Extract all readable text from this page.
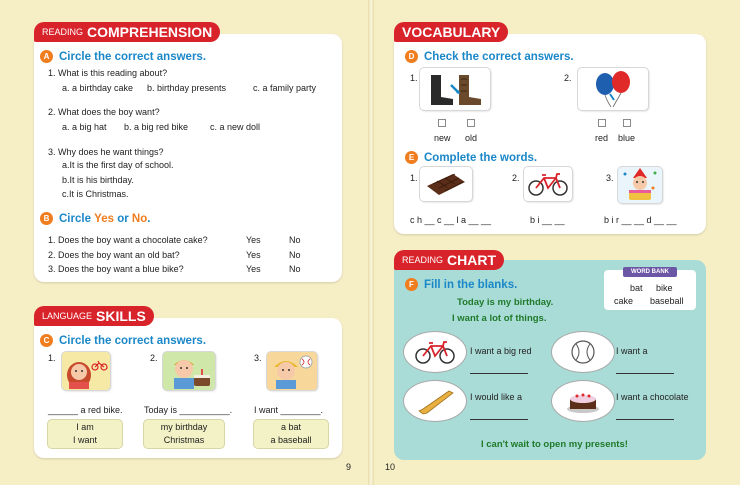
READING COMPREHENSION
A Circle the correct answers.
1. What is this reading about?
a. a birthday cake b. birthday presents	c. a family party
2. What does the boy want?
a. a big hat b. a big red bike c. a new doll
3. Why does he want things?
a.It is the first day of school.
b.It is his birthday.
c.It is Christmas.
B Circle Yes or No .
1. Does the boy want a chocolate cake?	Yes	No
2. Does the boy want an old bat?	Yes	No
3. Does the boy want a blue bike?	Yes	No
LANGUAGE SKILLS
C Circle the correct answers.
1.
______ a red bike.
I am
I want
2.
Today is __________.
my birthday
Christmas
3.
I want ________.
a bat
a baseball
VOCABULARY
D Check the correct answers.
1.
new old
2.
red blue
E Complete the words.
1.
c h __ c __ l a __ __
2.
b i __ __
3.
b i r __ __ d __ __
READING CHART
F Fill in the blanks.
WORD BANK
bat bike
cake baseball
Today is my birthday.
I want a lot of things.
I want a big red	I want a
I would like a	I want a chocolate
I can't wait to open my presents!
9	10
